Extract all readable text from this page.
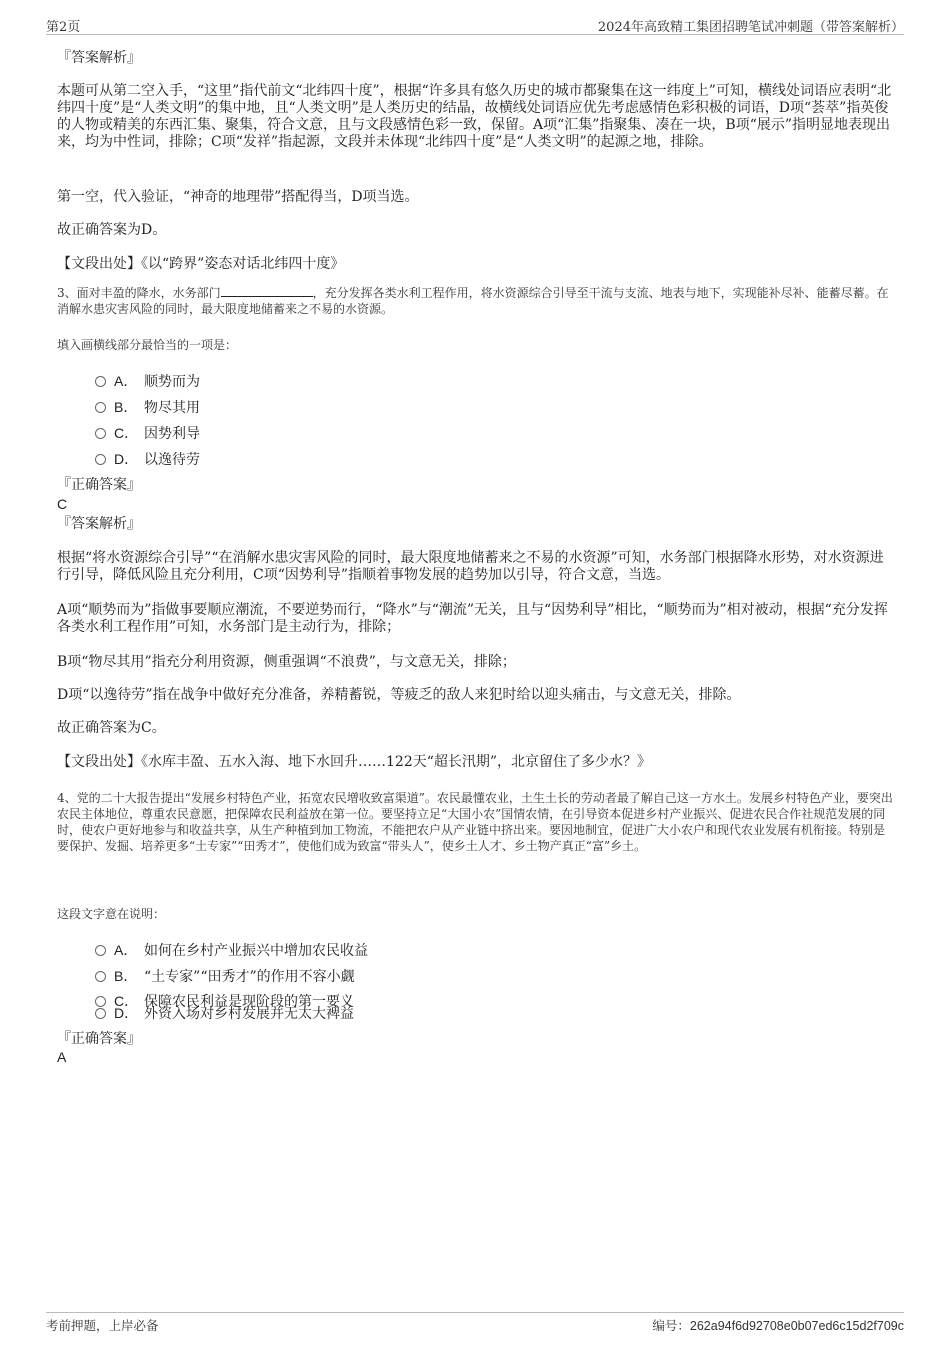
第2页	2024年高致精工集团招聘笔试冲刺题（带答案解析）
『答案解析』
本题可从第二空入手，“这里”指代前文“北纬四十度”，根据“许多具有悠久历史的城市都聚集在这一纬度上”可知，横线处词语应表明“北纬四十度”是“人类文明”的集中地，且“人类文明”是人类历史的结晶，故横线处词语应优先考虑感情色彩积极的词语，D项“荟萃”指英俊的人物或精美的东西汇集、聚集，符合文意，且与文段感情色彩一致，保留。A项“汇集”指聚集、凑在一块，B项“展示”指明显地表现出来，均为中性词，排除；C项“发祥”指起源，文段并未体现“北纬四十度”是“人类文明”的起源之地，排除。
第一空，代入验证，“神奇的地理带”搭配得当，D项当选。
故正确答案为D。
【文段出处】《以“跨界”姿态对话北纬四十度》
3、面对丰盈的降水，水务部门	，充分发挥各类水利工程作用，将水资源综合引导至干流与支流、地表与地下，实现能补尽补、能蓄尽蓄。在消解水患灾害风险的同时，最大限度地储蓄来之不易的水资源。
填入画横线部分最恰当的一项是：
A． 顺势而为
B． 物尽其用
C． 因势利导
D． 以逸待劳
『正确答案』
C
『答案解析』
根据“将水资源综合引导”“在消解水患灾害风险的同时，最大限度地储蓄来之不易的水资源”可知，水务部门根据降水形势，对水资源进行引导，降低风险且充分利用，C项“因势利导”指顺着事物发展的趋势加以引导，符合文意，当选。
A项“顺势而为”指做事要顺应潮流，不要逆势而行，“降水”与“潮流”无关，且与“因势利导”相比，“顺势而为”相对被动，根据“充分发挥各类水利工程作用”可知，水务部门是主动行为，排除；
B项“物尽其用”指充分利用资源，侧重强调“不浪费”，与文意无关，排除；
D项“以逸待劳”指在战争中做好充分准备，养精蓄锐，等疲乏的敌人来犯时给以迎头痛击，与文意无关，排除。
故正确答案为C。
【文段出处】《水库丰盈、五水入海、地下水回升……122天“超长汛期”，北京留住了多少水？》
4、党的二十大报告提出“发展乡村特色产业，拓宽农民增收致富渠道”。农民最懂农业，土生土长的劳动者最了解自己这一方水土。发展乡村特色产业，要突出农民主体地位，尊重农民意愿，把保障农民利益放在第一位。要坚持立足“大国小农”国情农情，在引导资本促进乡村产业振兴、促进农民合作社规范发展的同时，使农户更好地参与和收益共享，从生产种植到加工物流，不能把农户从产业链中挤出来。要因地制宜，促进广大小农户和现代农业发展有机衔接。特别是要保护、发掘、培养更多“土专家”“田秀才”，使他们成为致富“带头人”，使乡土人才、乡土物产真正“富”乡土。
这段文字意在说明：
A． 如何在乡村产业振兴中增加农民收益
B． “土专家”“田秀才”的作用不容小觑
C． 保障农民利益是现阶段的第一要义
D． 外资入场对乡村发展并无太大裨益
『正确答案』
A
考前押题，上岸必备	编号：262a94f6d92708e0b07ed6c15d2f709c
